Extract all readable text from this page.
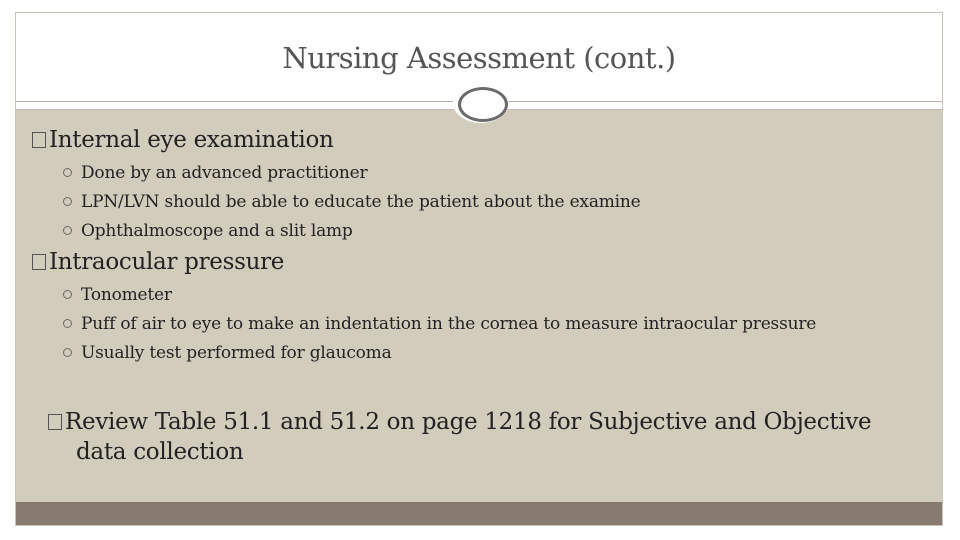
Nursing Assessment (cont.)
Internal eye examination
Done by an advanced practitioner
LPN/LVN should be able to educate the patient about the examine
Ophthalmoscope and a slit lamp
Intraocular pressure
Tonometer
Puff of air to eye to make an indentation in the cornea to measure intraocular pressure
Usually test performed for glaucoma
Review Table 51.1 and 51.2 on page 1218 for Subjective and Objective data collection
